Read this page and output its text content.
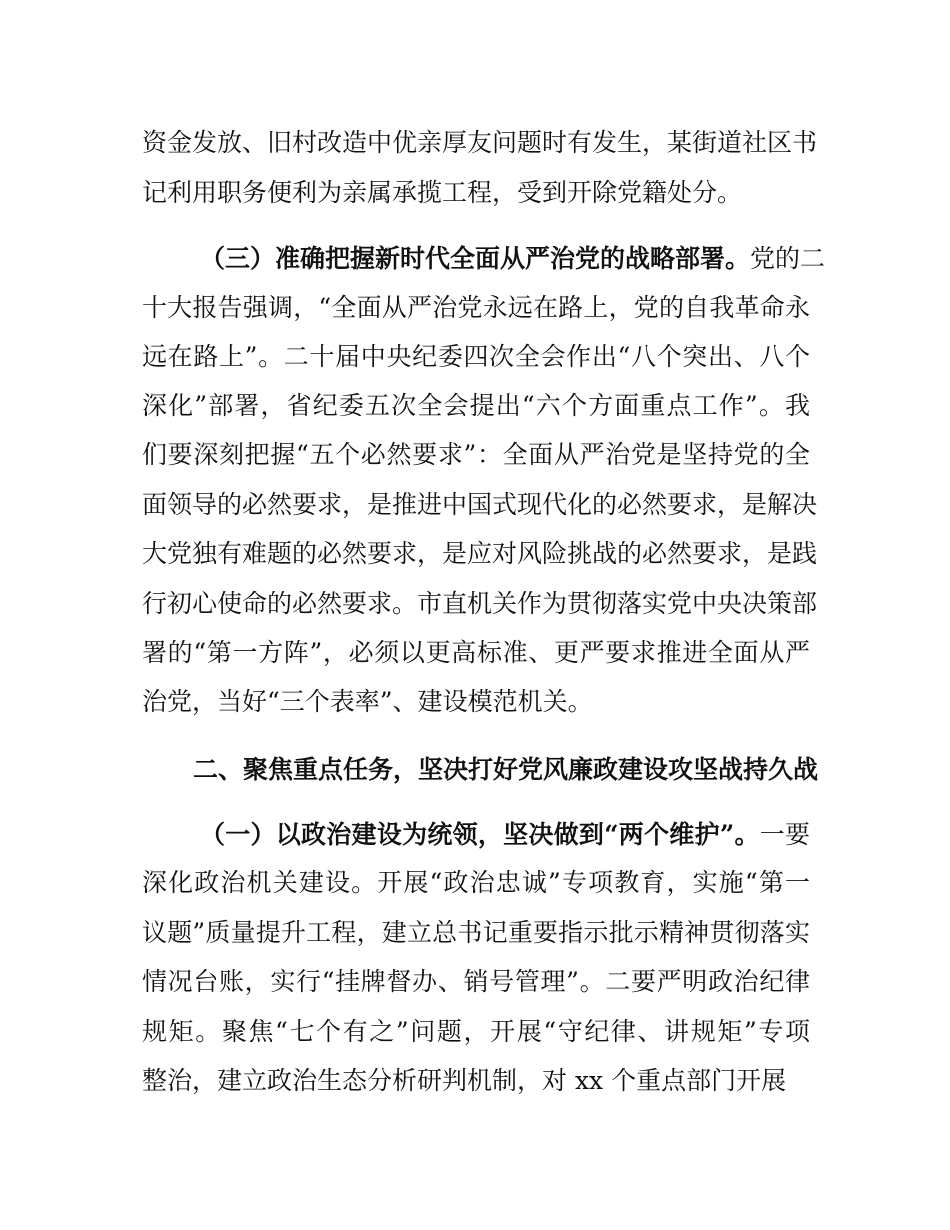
资金发放、旧村改造中优亲厚友问题时有发生，某街道社区书
记利用职务便利为亲属承揽工程，受到开除党籍处分。
（三）准确把握新时代全面从严治党的战略部署。党的二
十大报告强调，“全面从严治党永远在路上，党的自我革命永
远在路上”。二十届中央纪委四次全会作出“八个突出、八个
深化”部署，省纪委五次全会提出“六个方面重点工作”。我
们要深刻把握“五个必然要求”：全面从严治党是坚持党的全
面领导的必然要求，是推进中国式现代化的必然要求，是解决
大党独有难题的必然要求，是应对风险挑战的必然要求，是践
行初心使命的必然要求。市直机关作为贯彻落实党中央决策部
署的“第一方阵”，必须以更高标准、更严要求推进全面从严
治党，当好“三个表率”、建设模范机关。
二、聚焦重点任务，坚决打好党风廉政建设攻坚战持久战
（一）以政治建设为统领，坚决做到“两个维护”。一要
深化政治机关建设。开展“政治忠诚”专项教育，实施“第一
议题”质量提升工程，建立总书记重要指示批示精神贯彻落实
情况台账，实行“挂牌督办、销号管理”。二要严明政治纪律
规矩。聚焦“七个有之”问题，开展“守纪律、讲规矩”专项
整治，建立政治生态分析研判机制，对 xx 个重点部门开展
